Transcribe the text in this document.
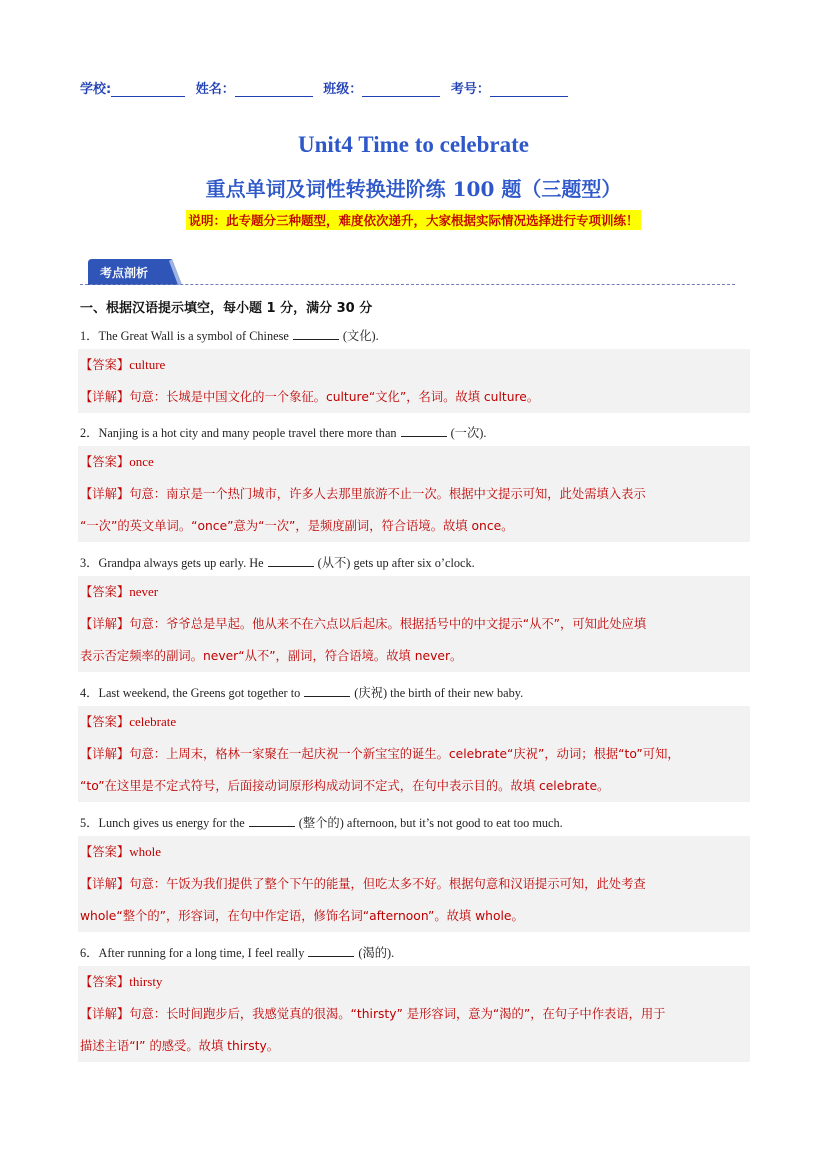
学校:	姓名：	班级：	考号：
Unit4 Time to celebrate
重点单词及词性转换进阶练 100 题（三题型）
说明：此专题分三种题型，难度依次递升，大家根据实际情况选择进行专项训练！
考点剖析
一、根据汉语提示填空，每小题 1 分，满分 30 分
1．The Great Wall is a symbol of Chinese	(文化).
【答案】culture
【详解】句意：长城是中国文化的一个象征。culture“文化”，名词。故填 culture。
2．Nanjing is a hot city and many people travel there more than	(一次).
【答案】once
【详解】句意：南京是一个热门城市，许多人去那里旅游不止一次。根据中文提示可知，此处需填入表示
“一次”的英文单词。“once”意为“一次”，是频度副词，符合语境。故填 once。
3．Grandpa always gets up early. He	(从不) gets up after six o’clock.
【答案】never
【详解】句意：爷爷总是早起。他从来不在六点以后起床。根据括号中的中文提示“从不”，可知此处应填
表示否定频率的副词。never“从不”，副词，符合语境。故填 never。
4．Last weekend, the Greens got together to	(庆祝) the birth of their new baby.
【答案】celebrate
【详解】句意：上周末，格林一家聚在一起庆祝一个新宝宝的诞生。celebrate“庆祝”，动词；根据“to”可知，
“to”在这里是不定式符号，后面接动词原形构成动词不定式，在句中表示目的。故填 celebrate。
5．Lunch gives us energy for the	(整个的) afternoon, but it’s not good to eat too much.
【答案】whole
【详解】句意：午饭为我们提供了整个下午的能量，但吃太多不好。根据句意和汉语提示可知，此处考查
whole“整个的”，形容词，在句中作定语，修饰名词“afternoon”。故填 whole。
6．After running for a long time, I feel really	(渴的).
【答案】thirsty
【详解】句意：长时间跑步后，我感觉真的很渴。“thirsty” 是形容词，意为“渴的”，在句子中作表语，用于
描述主语“I” 的感受。故填 thirsty。
